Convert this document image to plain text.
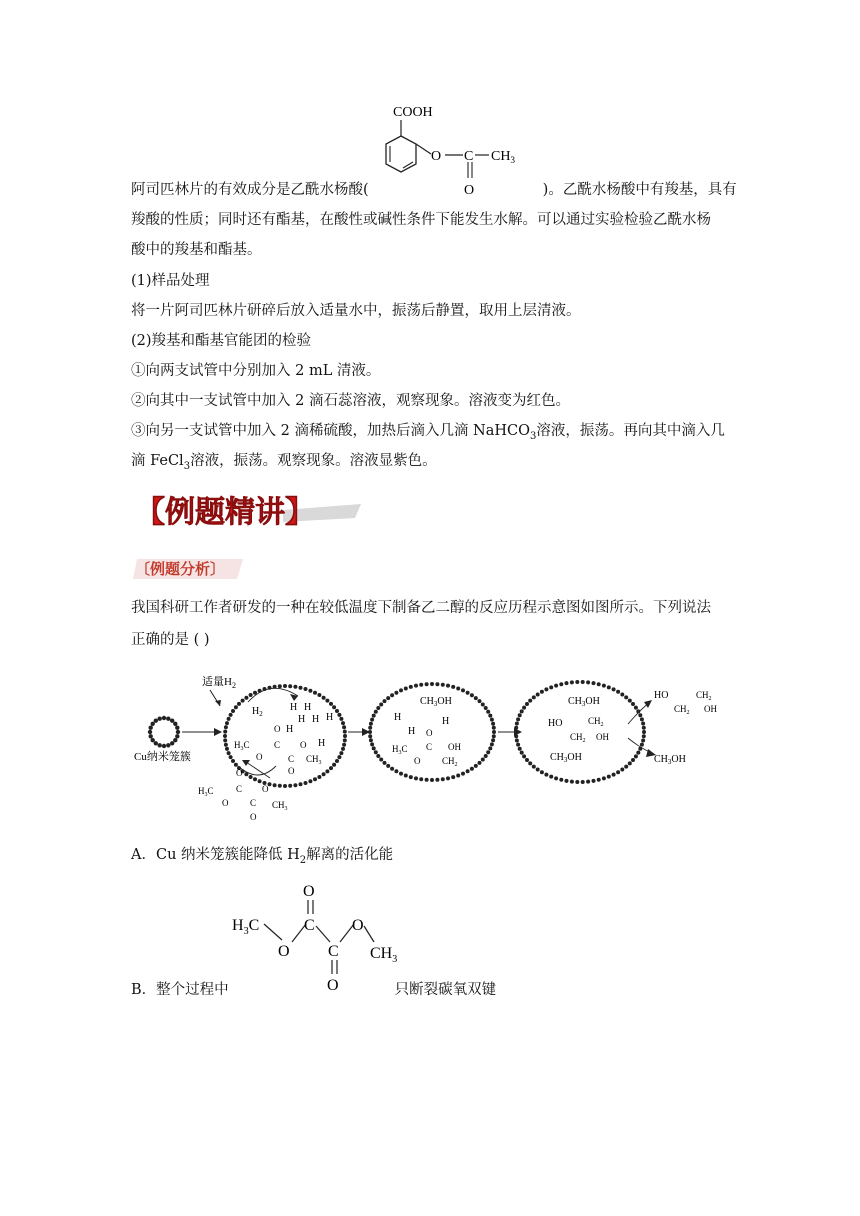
COOH
O C $CH_3$
O
阿司匹林片的有效成分是乙酰水杨酸(	)。乙酰水杨酸中有羧基，具有
羧酸的性质；同时还有酯基，在酸性或碱性条件下能发生水解。可以通过实验检验乙酰水杨
酸中的羧基和酯基。
(1)样品处理
将一片阿司匹林片研碎后放入适量水中，振荡后静置，取用上层清液。
(2)羧基和酯基官能团的检验
①向两支试管中分别加入 2 mL 清液。
②向其中一支试管中加入 2 滴石蕊溶液，观察现象。溶液变为红色。
③向另一支试管中加入 2 滴稀硫酸，加热后滴入几滴 NaHCO$_3$溶液，振荡。再向其中滴入几
滴 FeCl$_3$溶液，振荡。观察现象。溶液显紫色。
【例题精讲】
〔例题分析〕
我国科研工作者研发的一种在较低温度下制备乙二醇的反应历程示意图如图所示。下列说法
正确的是 ( )
适量$H_2$
Cu纳米笼簇
$H_2$
H H
H H H
H
H
$H_3C$
O
C
O
C
O
O
$CH_3$
$CH_3OH$
H	H
H
$H_3C$
O
C
O
$CH_2$
OH
$CH_3OH$
HO	$CH_2$
$CH_2$ OH
$CH_3OH$
HO	$CH_2$
$CH_2$ OH
$CH_3OH$
$H_3C$
O
C
O
C
O
O
$CH_3$
A．Cu 纳米笼簇能降低 $H_2$解离的活化能
$H_3C$
O
C
O
C
O
O
$CH_3$
B．整个过程中	只断裂碳氧双键
